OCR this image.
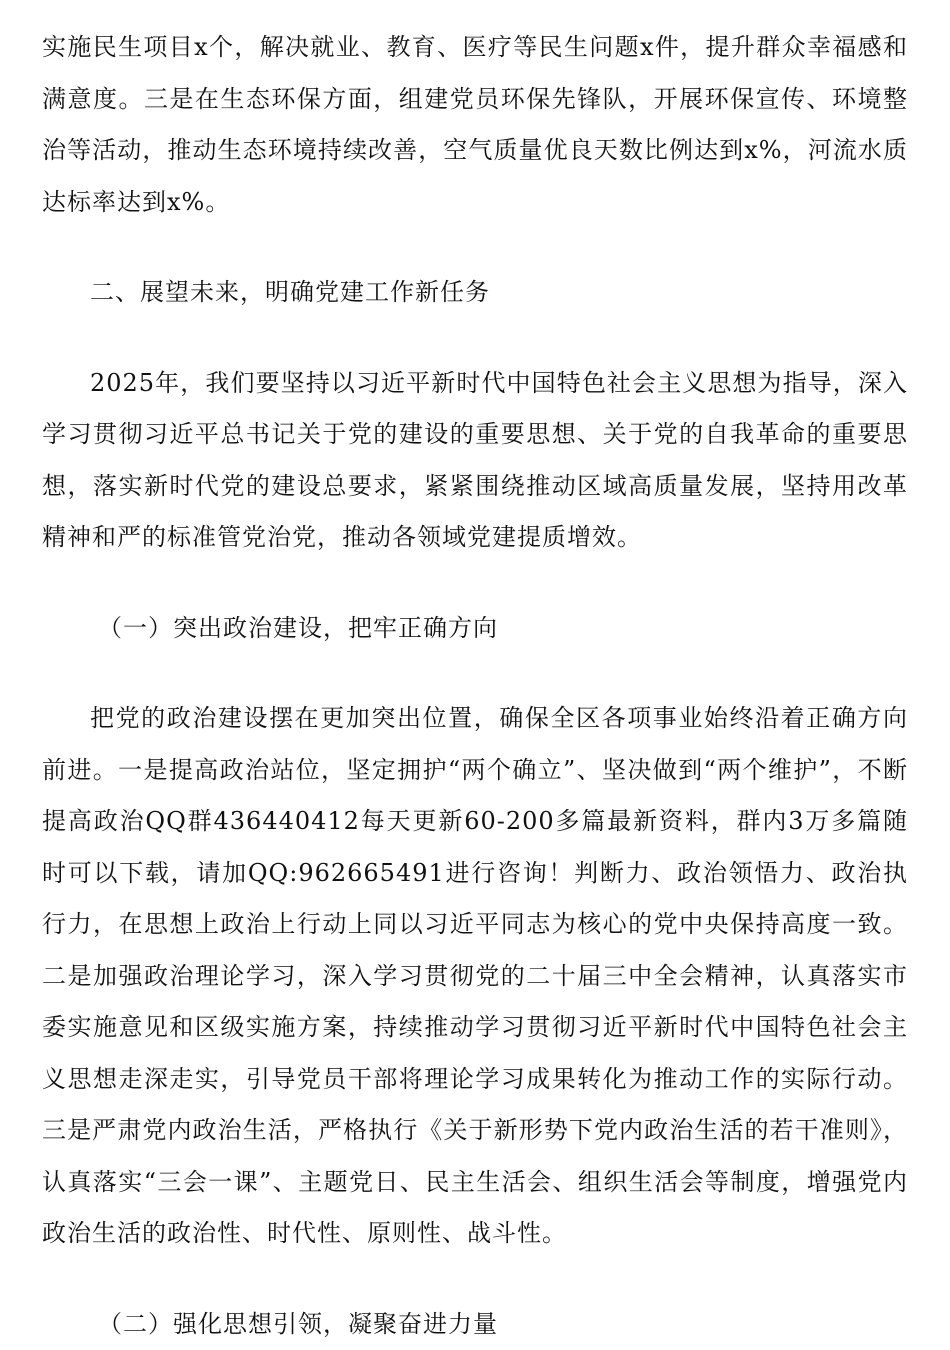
实施民生项目x个，解决就业、教育、医疗等民生问题x件，提升群众幸福感和满意度。三是在生态环保方面，组建党员环保先锋队，开展环保宣传、环境整治等活动，推动生态环境持续改善，空气质量优良天数比例达到x%，河流水质达标率达到x%。

二、展望未来，明确党建工作新任务

2025年，我们要坚持以习近平新时代中国特色社会主义思想为指导，深入学习贯彻习近平总书记关于党的建设的重要思想、关于党的自我革命的重要思想，落实新时代党的建设总要求，紧紧围绕推动区域高质量发展，坚持用改革精神和严的标准管党治党，推动各领域党建提质增效。

（一）突出政治建设，把牢正确方向

把党的政治建设摆在更加突出位置，确保全区各项事业始终沿着正确方向前进。一是提高政治站位，坚定拥护“两个确立”、坚决做到“两个维护”，不断提高政治QQ群436440412每天更新60-200多篇最新资料，群内3万多篇随时可以下载，请加QQ:962665491进行咨询！判断力、政治领悟力、政治执行力，在思想上政治上行动上同以习近平同志为核心的党中央保持高度一致。二是加强政治理论学习，深入学习贯彻党的二十届三中全会精神，认真落实市委实施意见和区级实施方案，持续推动学习贯彻习近平新时代中国特色社会主义思想走深走实，引导党员干部将理论学习成果转化为推动工作的实际行动。三是严肃党内政治生活，严格执行《关于新形势下党内政治生活的若干准则》，认真落实“三会一课”、主题党日、民主生活会、组织生活会等制度，增强党内政治生活的政治性、时代性、原则性、战斗性。

（二）强化思想引领，凝聚奋进力量
